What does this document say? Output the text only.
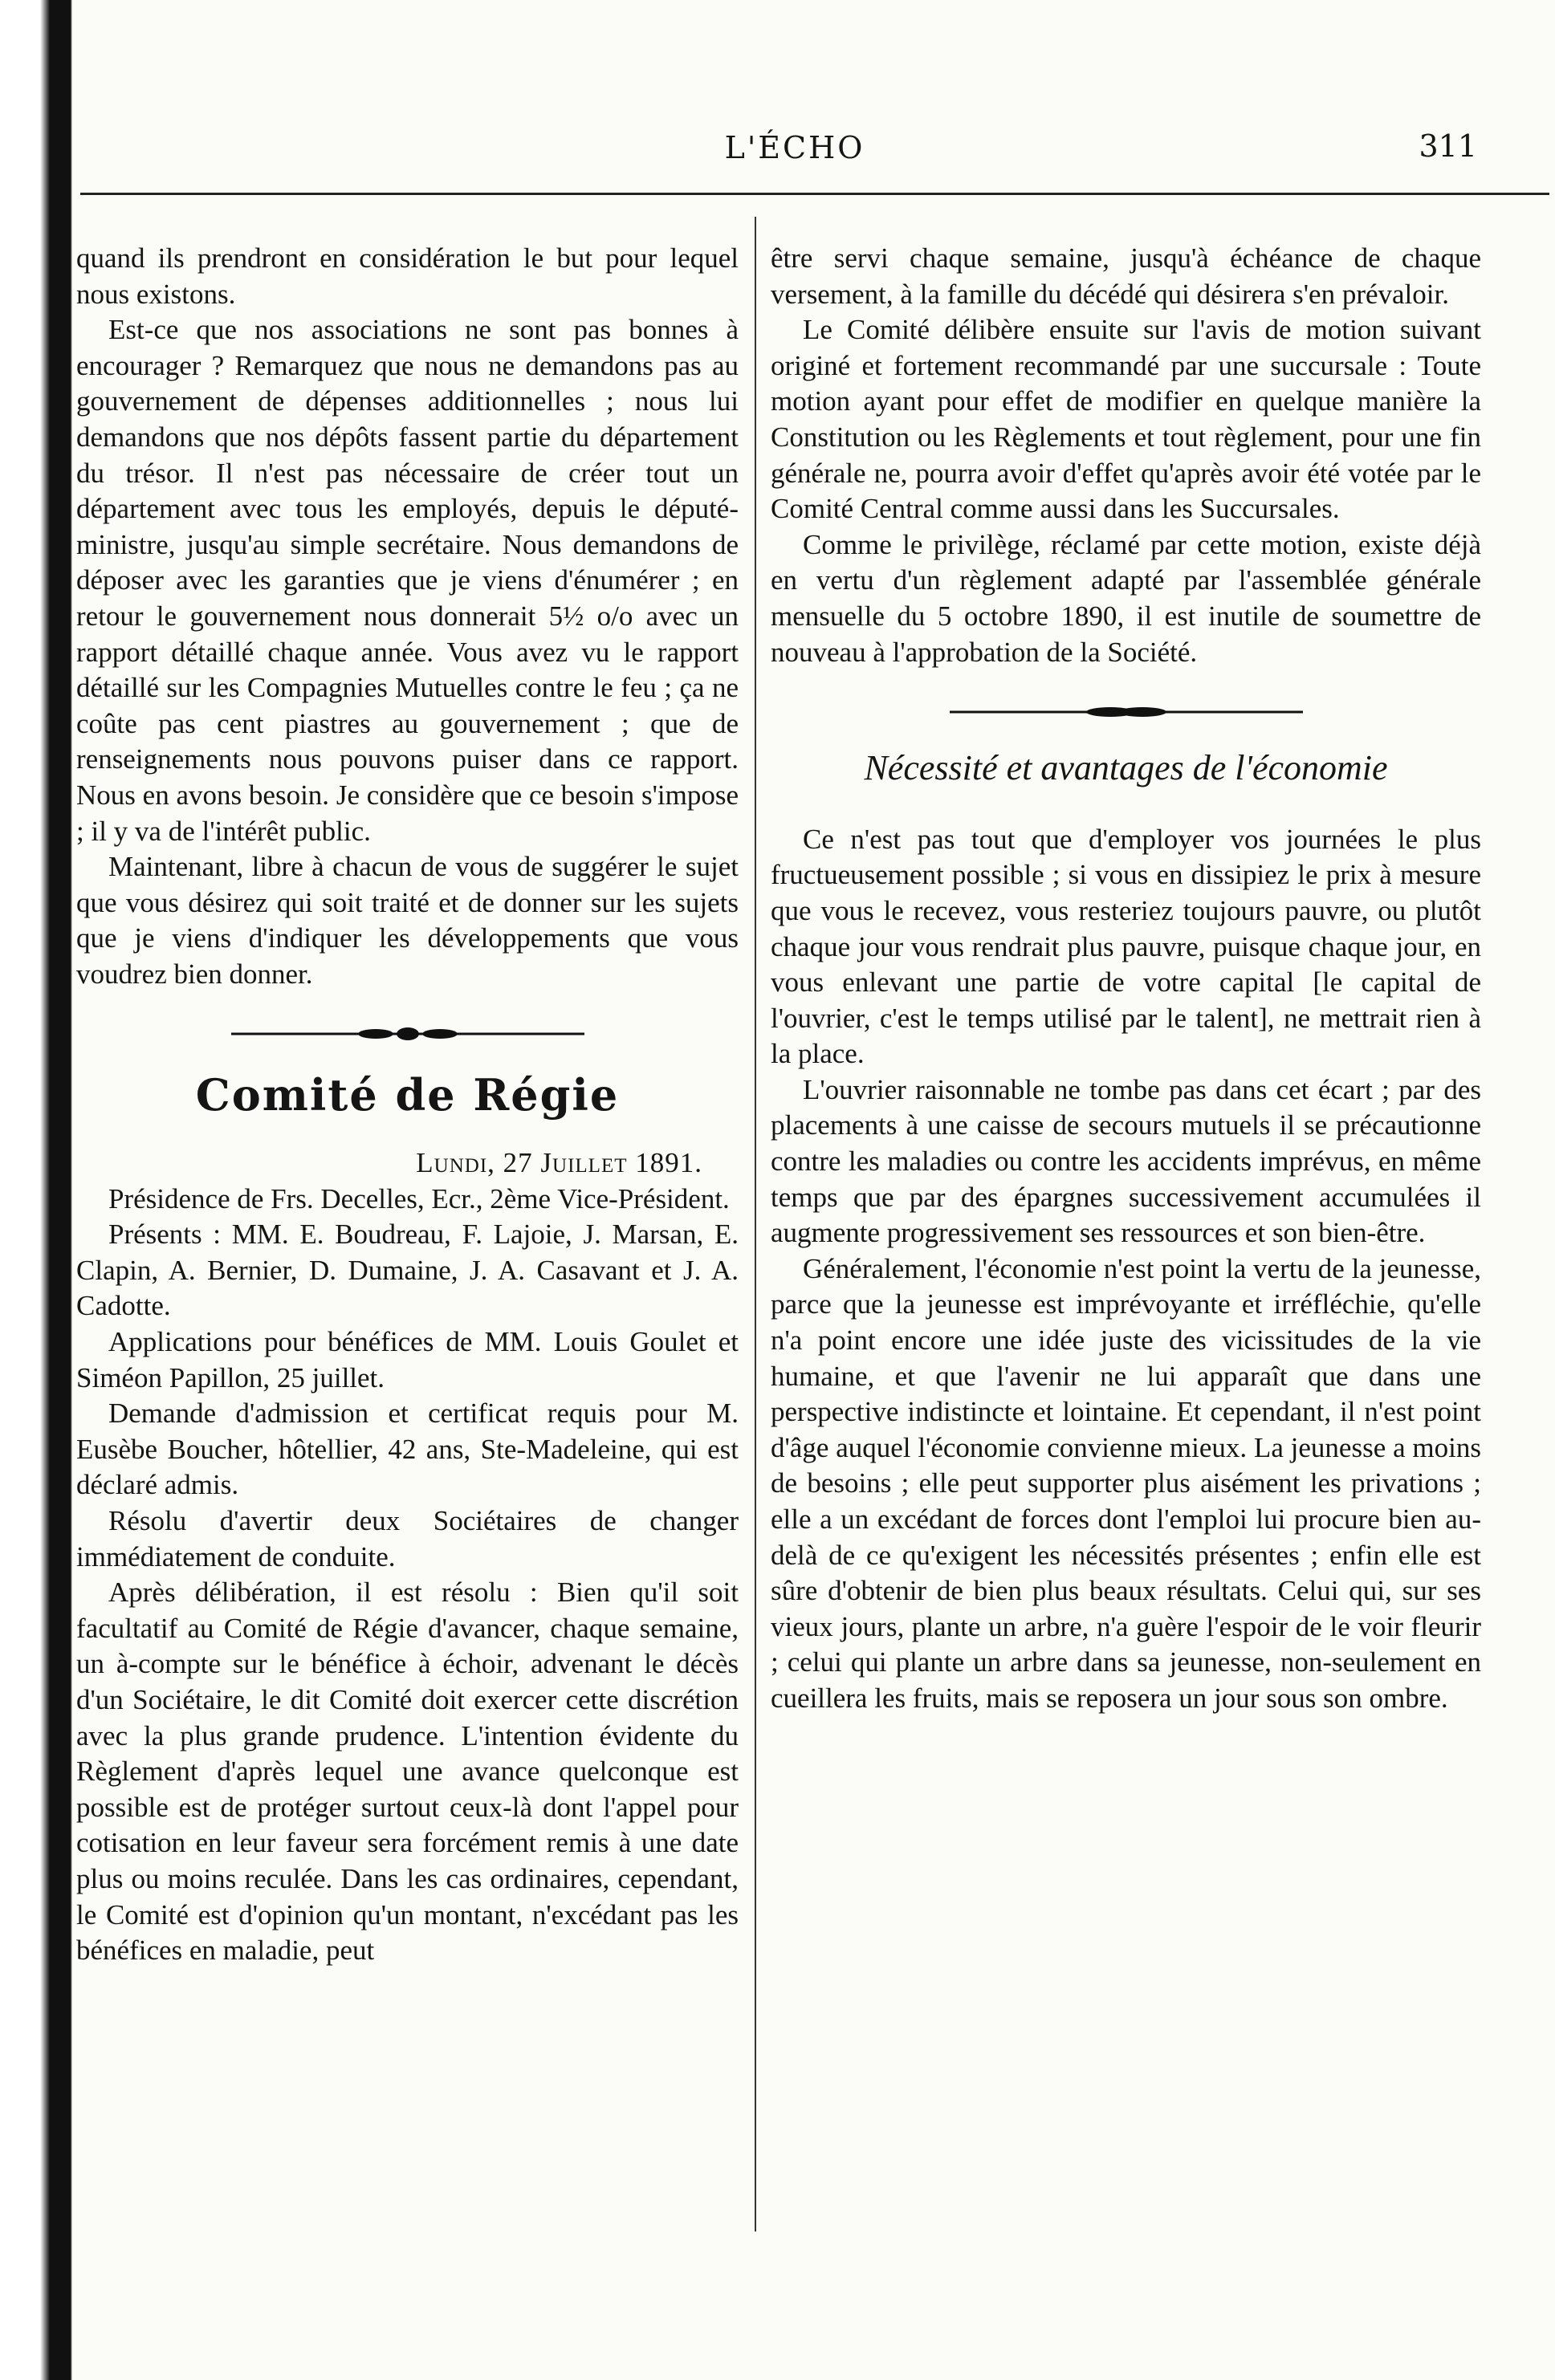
L'ÉCHO	311

quand ils prendront en considération le but pour lequel nous existons.

Est-ce que nos associations ne sont pas bonnes à encourager ? Remarquez que nous ne demandons pas au gouvernement de dépenses additionnelles ; nous lui demandons que nos dépôts fassent partie du département du trésor. Il n'est pas nécessaire de créer tout un département avec tous les employés, depuis le député-ministre, jusqu'au simple secrétaire. Nous demandons de déposer avec les garanties que je viens d'énumérer ; en retour le gouvernement nous donnerait 5½ o/o avec un rapport détaillé chaque année. Vous avez vu le rapport détaillé sur les Compagnies Mutuelles contre le feu ; ça ne coûte pas cent piastres au gouvernement ; que de renseignements nous pouvons puiser dans ce rapport. Nous en avons besoin. Je considère que ce besoin s'impose ; il y va de l'intérêt public.

Maintenant, libre à chacun de vous de suggérer le sujet que vous désirez qui soit traité et de donner sur les sujets que je viens d'indiquer les développements que vous voudrez bien donner.

Comité de Régie

Lundi, 27 Juillet 1891.

Présidence de Frs. Decelles, Ecr., 2ème Vice-Président.

Présents : MM. E. Boudreau, F. Lajoie, J. Marsan, E. Clapin, A. Bernier, D. Dumaine, J. A. Casavant et J. A. Cadotte.

Applications pour bénéfices de MM. Louis Goulet et Siméon Papillon, 25 juillet.

Demande d'admission et certificat requis pour M. Eusèbe Boucher, hôtellier, 42 ans, Ste-Madeleine, qui est déclaré admis.

Résolu d'avertir deux Sociétaires de changer immédiatement de conduite.

Après délibération, il est résolu : Bien qu'il soit facultatif au Comité de Régie d'avancer, chaque semaine, un à-compte sur le bénéfice à échoir, advenant le décès d'un Sociétaire, le dit Comité doit exercer cette discrétion avec la plus grande prudence. L'intention évidente du Règlement d'après lequel une avance quelconque est possible est de protéger surtout ceux-là dont l'appel pour cotisation en leur faveur sera forcément remis à une date plus ou moins reculée. Dans les cas ordinaires, cependant, le Comité est d'opinion qu'un montant, n'excédant pas les bénéfices en maladie, peut

être servi chaque semaine, jusqu'à échéance de chaque versement, à la famille du décédé qui désirera s'en prévaloir.

Le Comité délibère ensuite sur l'avis de motion suivant originé et fortement recommandé par une succursale : Toute motion ayant pour effet de modifier en quelque manière la Constitution ou les Règlements et tout règlement, pour une fin générale ne, pourra avoir d'effet qu'après avoir été votée par le Comité Central comme aussi dans les Succursales.

Comme le privilège, réclamé par cette motion, existe déjà en vertu d'un règlement adapté par l'assemblée générale mensuelle du 5 octobre 1890, il est inutile de soumettre de nouveau à l'approbation de la Société.

Nécessité et avantages de l'économie

Ce n'est pas tout que d'employer vos journées le plus fructueusement possible ; si vous en dissipiez le prix à mesure que vous le recevez, vous resteriez toujours pauvre, ou plutôt chaque jour vous rendrait plus pauvre, puisque chaque jour, en vous enlevant une partie de votre capital [le capital de l'ouvrier, c'est le temps utilisé par le talent], ne mettrait rien à la place.

L'ouvrier raisonnable ne tombe pas dans cet écart ; par des placements à une caisse de secours mutuels il se précautionne contre les maladies ou contre les accidents imprévus, en même temps que par des épargnes successivement accumulées il augmente progressivement ses ressources et son bien-être.

Généralement, l'économie n'est point la vertu de la jeunesse, parce que la jeunesse est imprévoyante et irréfléchie, qu'elle n'a point encore une idée juste des vicissitudes de la vie humaine, et que l'avenir ne lui apparaît que dans une perspective indistincte et lointaine. Et cependant, il n'est point d'âge auquel l'économie convienne mieux. La jeunesse a moins de besoins ; elle peut supporter plus aisément les privations ; elle a un excédant de forces dont l'emploi lui procure bien au-delà de ce qu'exigent les nécessités présentes ; enfin elle est sûre d'obtenir de bien plus beaux résultats. Celui qui, sur ses vieux jours, plante un arbre, n'a guère l'espoir de le voir fleurir ; celui qui plante un arbre dans sa jeunesse, non-seulement en cueillera les fruits, mais se reposera un jour sous son ombre.
